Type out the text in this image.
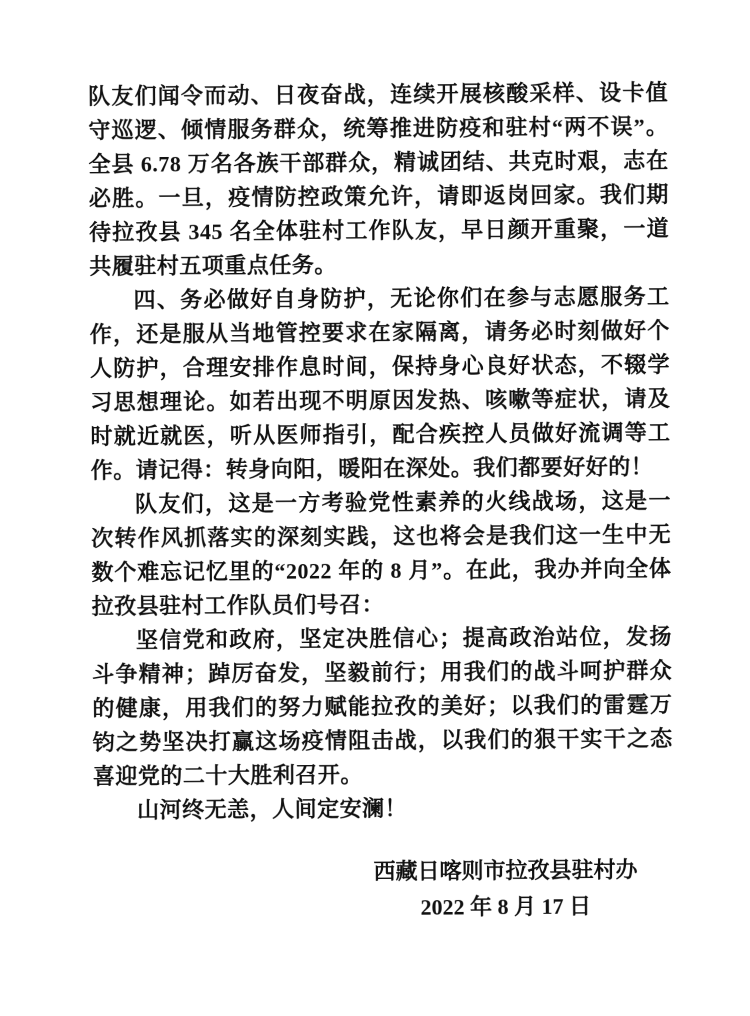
队友们闻令而动、日夜奋战，连续开展核酸采样、设卡值守巡逻、倾情服务群众，统筹推进防疫和驻村“两不误”。全县 6.78 万名各族干部群众，精诚团结、共克时艰，志在必胜。一旦，疫情防控政策允许，请即返岗回家。我们期待拉孜县 345 名全体驻村工作队友，早日颜开重聚，一道共履驻村五项重点任务。

四、务必做好自身防护，无论你们在参与志愿服务工作，还是服从当地管控要求在家隔离，请务必时刻做好个人防护，合理安排作息时间，保持身心良好状态，不辍学习思想理论。如若出现不明原因发热、咳嗽等症状，请及时就近就医，听从医师指引，配合疾控人员做好流调等工作。请记得：转身向阳，暖阳在深处。我们都要好好的！

队友们，这是一方考验党性素养的火线战场，这是一次转作风抓落实的深刻实践，这也将会是我们这一生中无数个难忘记忆里的“2022 年的 8 月”。在此，我办并向全体拉孜县驻村工作队员们号召：

坚信党和政府，坚定决胜信心；提高政治站位，发扬斗争精神；踔厉奋发，坚毅前行；用我们的战斗呵护群众的健康，用我们的努力赋能拉孜的美好；以我们的雷霆万钧之势坚决打赢这场疫情阻击战，以我们的狠干实干之态喜迎党的二十大胜利召开。

山河终无恙，人间定安澜！

西藏日喀则市拉孜县驻村办
2022 年 8 月 17 日
